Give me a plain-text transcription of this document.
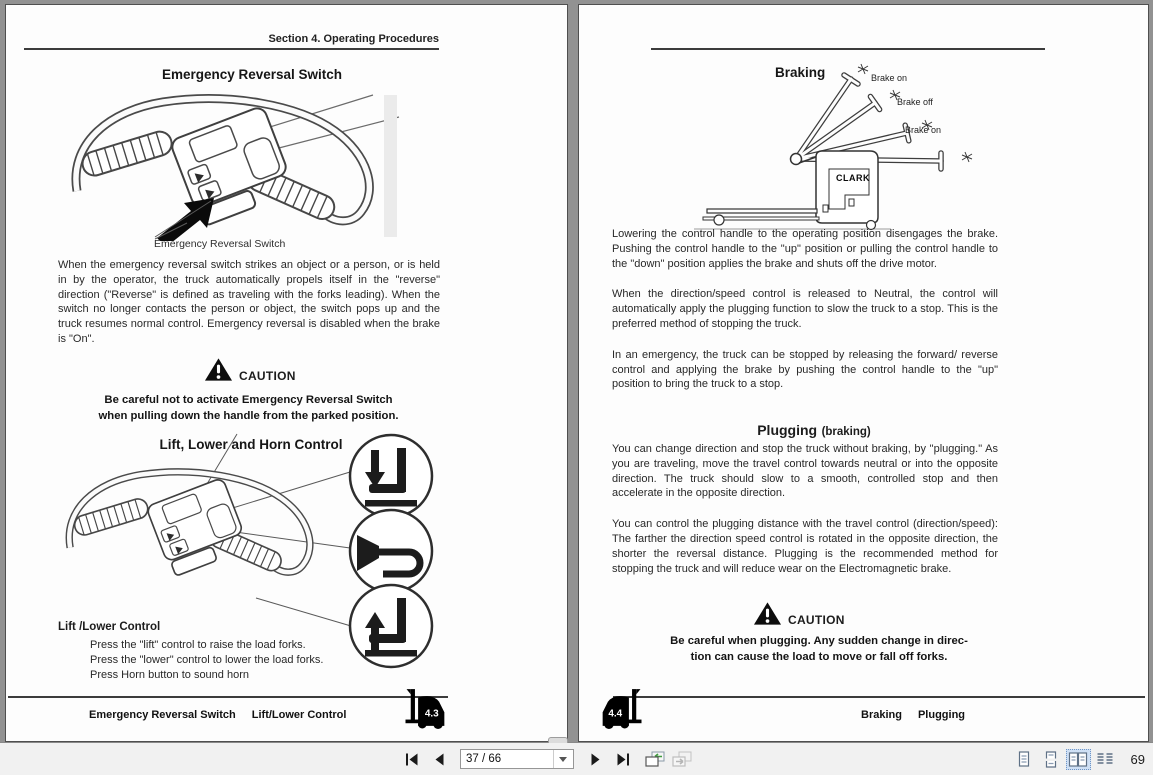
Section 4. Operating Procedures
Emergency Reversal Switch
Emergency Reversal Switch
When the emergency reversal switch strikes an object or a person, or is held in by the operator, the truck automatically propels itself in the "reverse" direction ("Reverse" is deﬁned as traveling with the forks leading). When the switch no longer contacts the person or object, the switch pops up and the truck resumes normal control. Emergency reversal is disabled when the brake is "On".
CAUTION
Be careful not to activate Emergency Reversal Switch
when pulling down the handle from the parked position.
Lift, Lower and Horn Control
Lift /Lower Control
Press the "lift" control to raise the load forks.
Press the "lower" control to lower the load forks.
Press Horn button to sound horn
Emergency Reversal Switch Lift/Lower Control	4.3
Braking
CLARK
Brake on
Brake off
Brake on

Lowering the control handle to the operating position disengages the brake. Pushing the control handle to the "up" position or pulling the control handle to the "down" position applies the brake and shuts off the drive motor.

When the direction/speed control is released to Neutral, the control will automatically apply the plugging function to slow the truck to a stop. This is the preferred method of stopping the truck.

In an emergency, the truck can be stopped by releasing the forward/ reverse control and applying the brake by pushing the control handle to the "up" position to bring the truck to a stop.

Plugging (braking)

You can change direction and stop the truck without braking, by "plugging." As you are traveling, move the travel control towards neutral or into the opposite direction. The truck should slow to a smooth, controlled stop and then accelerate in the opposite direction.

You can control the plugging distance with the travel control (direction/speed): The farther the direction speed control is rotated in the opposite direction, the shorter the reversal distance. Plugging is the recommended method for stopping the truck and will reduce wear on the Electromagnetic brake.

CAUTION
Be careful when plugging. Any sudden change in direc-
tion can cause the load to move or fall off forks.
4.4	Braking Plugging
37 / 66
69
